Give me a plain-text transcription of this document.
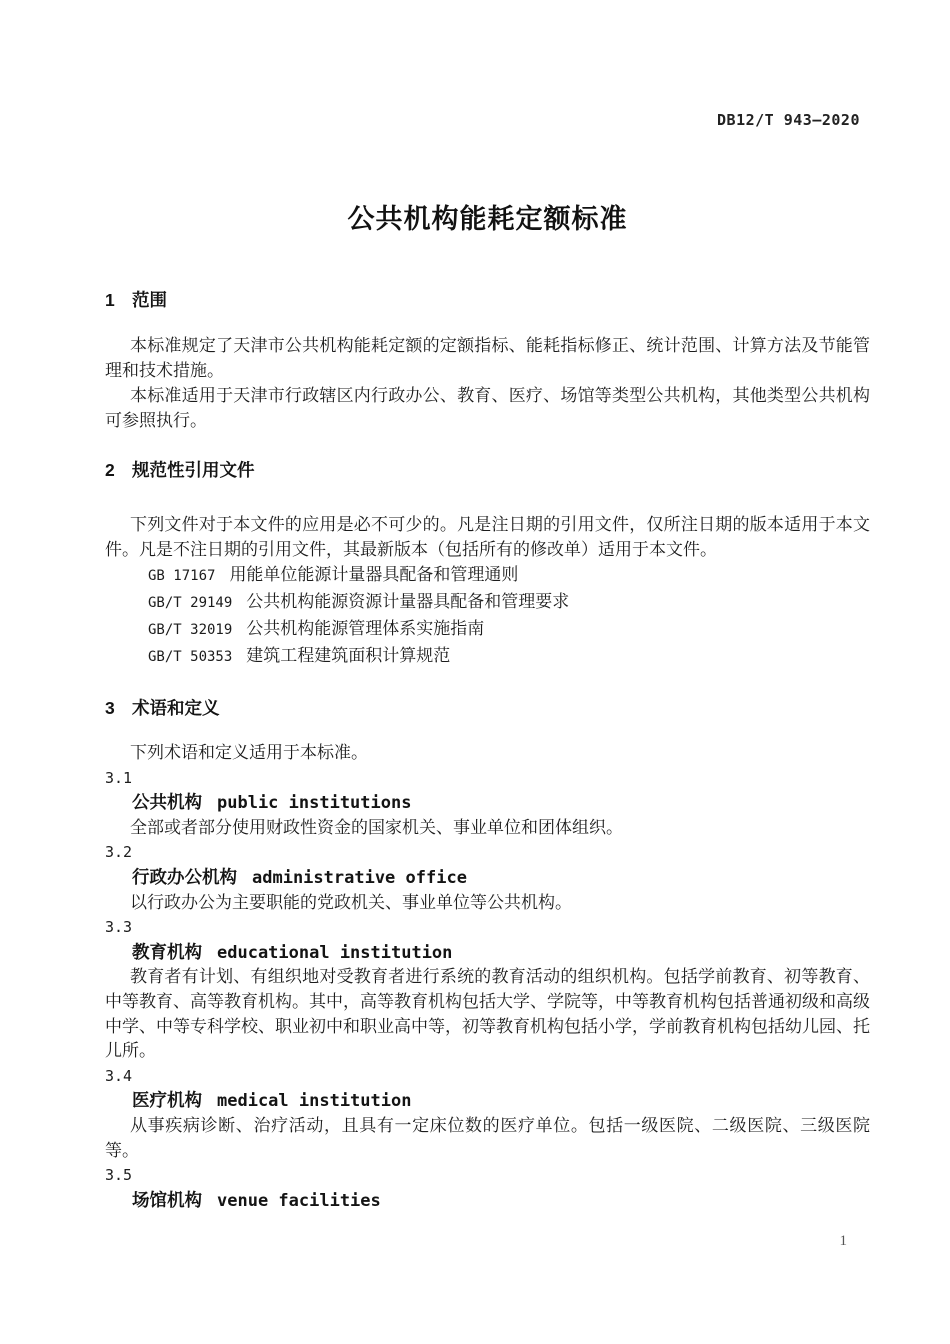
DB12/T 943—2020
公共机构能耗定额标准
1 范围

本标准规定了天津市公共机构能耗定额的定额指标、能耗指标修正、统计范围、计算方法及节能管理和技术措施。

本标准适用于天津市行政辖区内行政办公、教育、医疗、场馆等类型公共机构，其他类型公共机构可参照执行。

2 规范性引用文件

下列文件对于本文件的应用是必不可少的。凡是注日期的引用文件，仅所注日期的版本适用于本文件。凡是不注日期的引用文件，其最新版本（包括所有的修改单）适用于本文件。

GB 17167 用能单位能源计量器具配备和管理通则

GB/T 29149 公共机构能源资源计量器具配备和管理要求

GB/T 32019 公共机构能源管理体系实施指南

GB/T 50353 建筑工程建筑面积计算规范

3 术语和定义

下列术语和定义适用于本标准。

3.1

公共机构 public institutions

全部或者部分使用财政性资金的国家机关、事业单位和团体组织。

3.2

行政办公机构 administrative office

以行政办公为主要职能的党政机关、事业单位等公共机构。

3.3

教育机构 educational institution

教育者有计划、有组织地对受教育者进行系统的教育活动的组织机构。包括学前教育、初等教育、中等教育、高等教育机构。其中，高等教育机构包括大学、学院等，中等教育机构包括普通初级和高级中学、中等专科学校、职业初中和职业高中等，初等教育机构包括小学，学前教育机构包括幼儿园、托儿所。

3.4

医疗机构 medical institution

从事疾病诊断、治疗活动，且具有一定床位数的医疗单位。包括一级医院、二级医院、三级医院等。

3.5

场馆机构 venue facilities

1
